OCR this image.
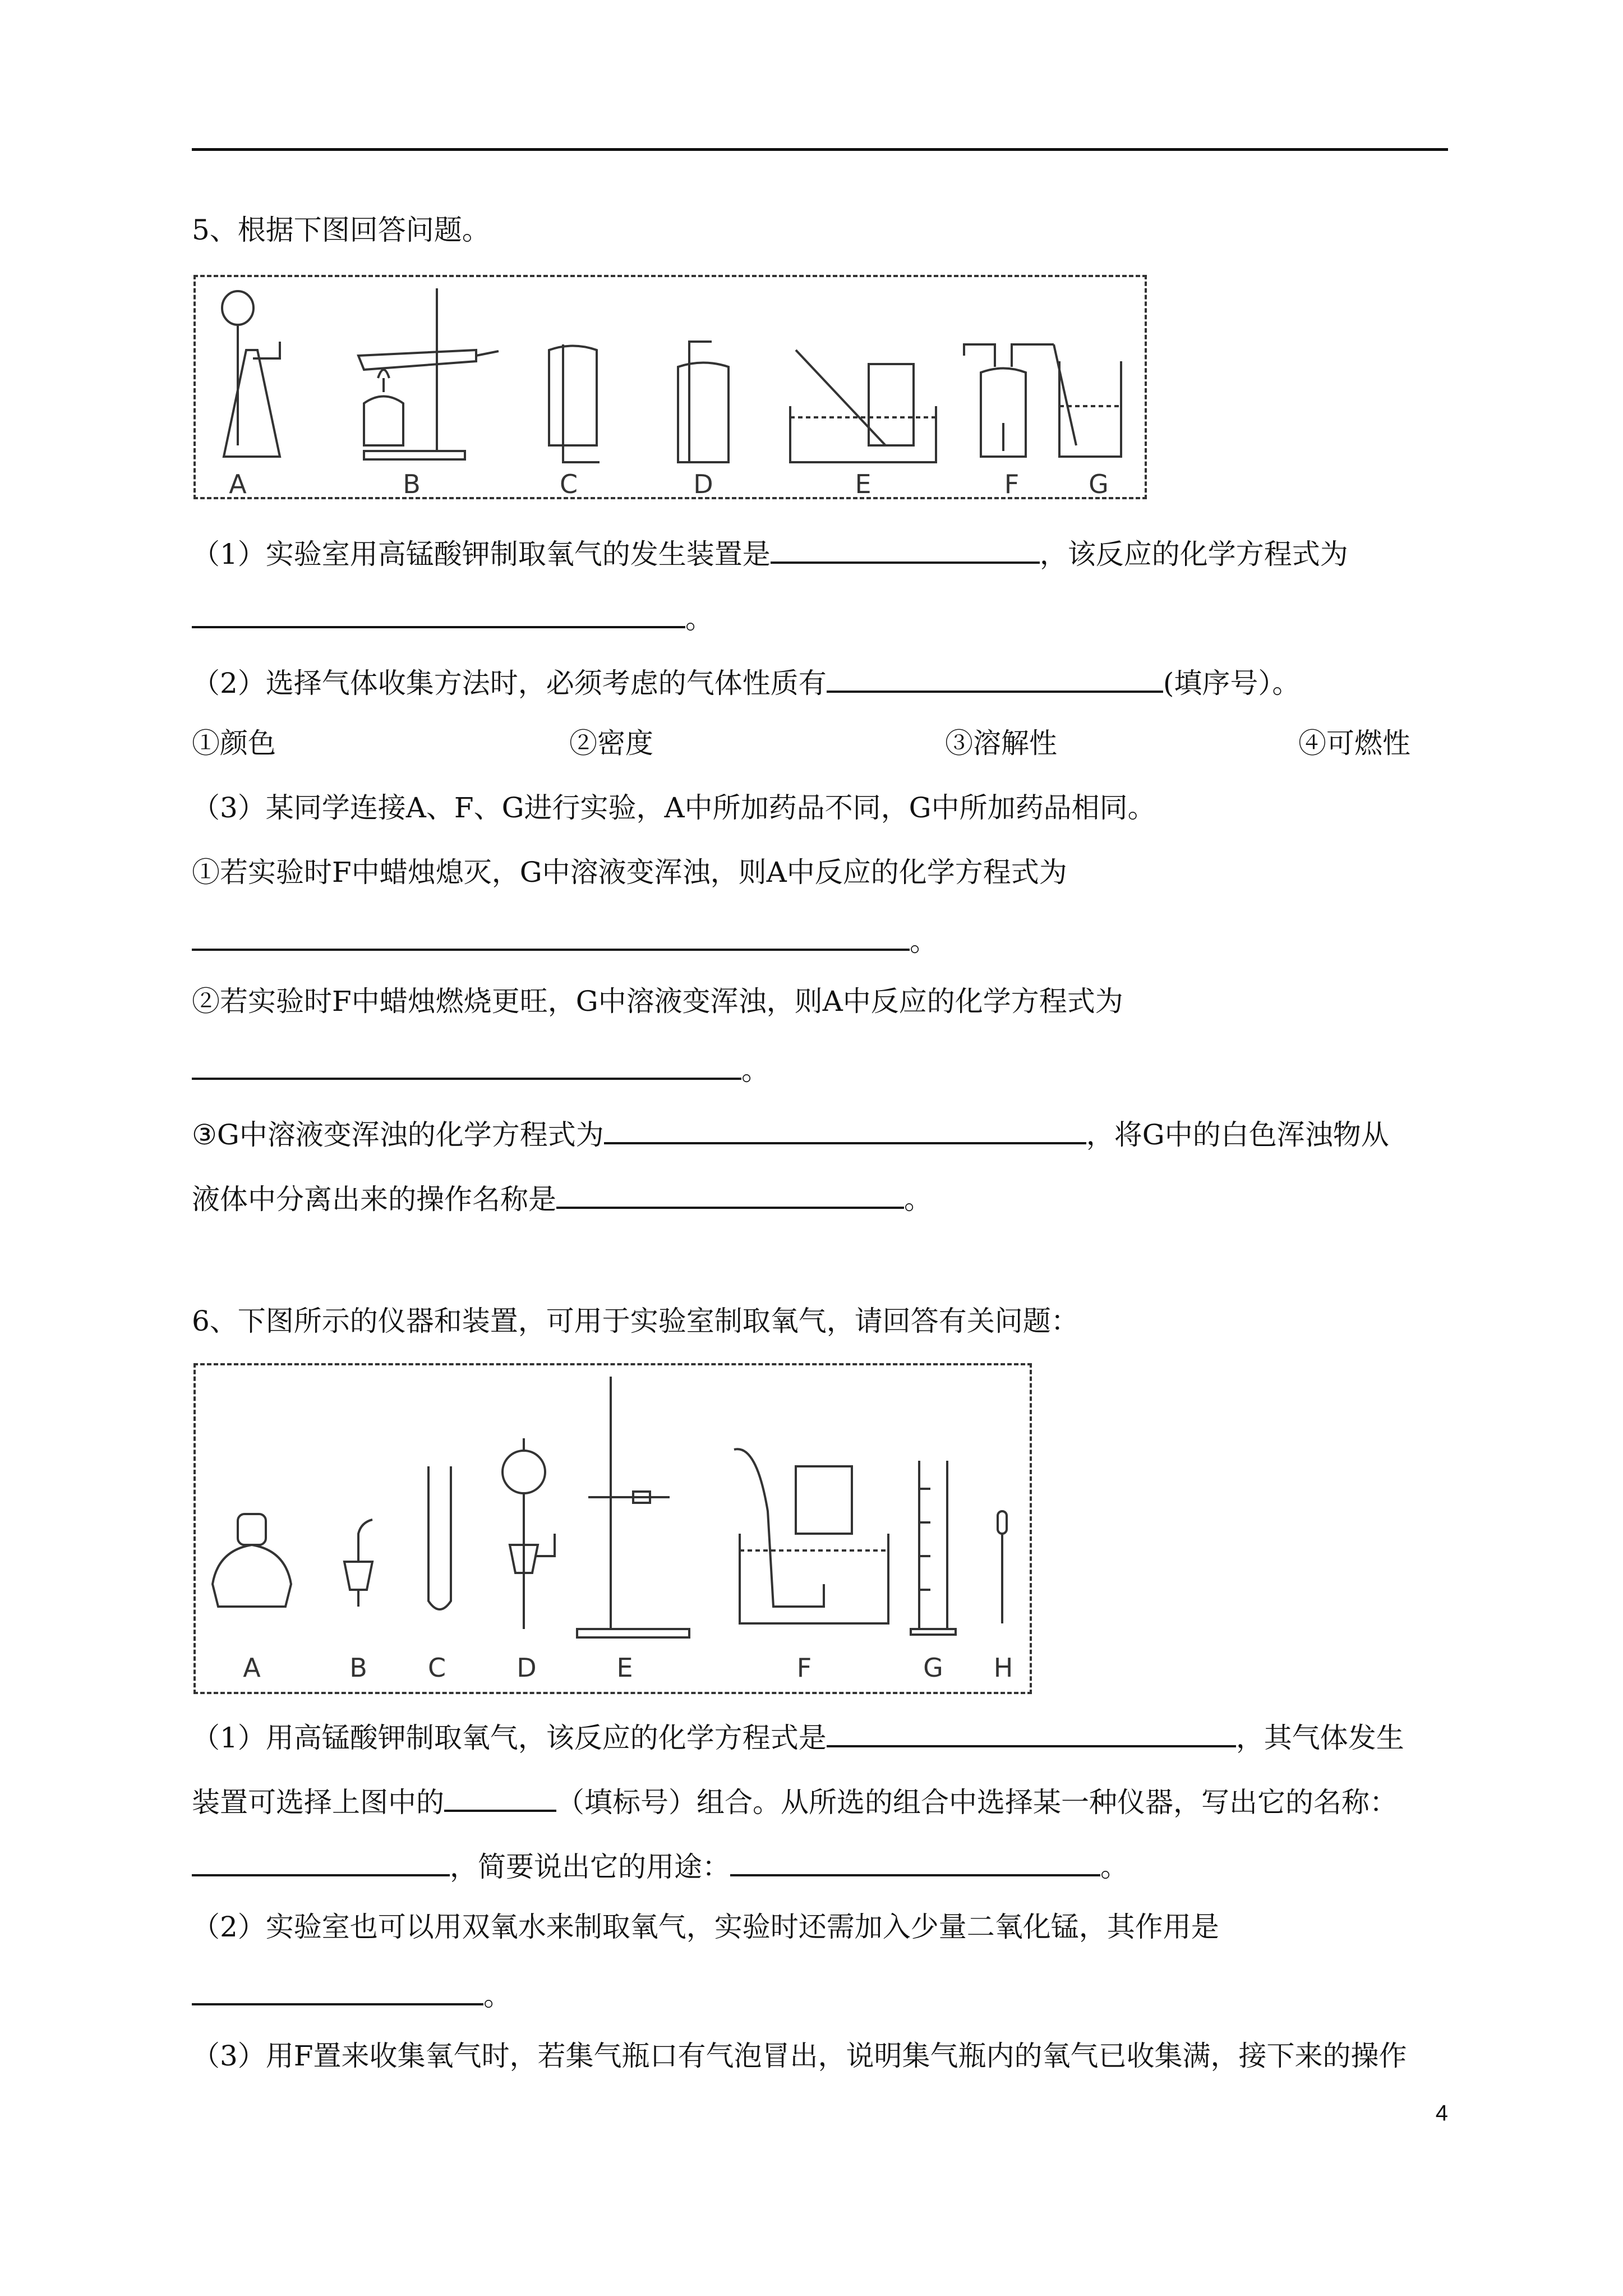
5、根据下图回答问题。
A	B	C	D	E	F	G
（1）实验室用高锰酸钾制取氧气的发生装置是	，该反应的化学方程式为
。
（2）选择气体收集方法时，必须考虑的气体性质有	(填序号）。
①颜色	②密度	③溶解性	④可燃性
（3）某同学连接A、F、G进行实验，A中所加药品不同，G中所加药品相同。
①若实验时F中蜡烛熄灭，G中溶液变浑浊，则A中反应的化学方程式为
。
②若实验时F中蜡烛燃烧更旺，G中溶液变浑浊，则A中反应的化学方程式为
。
③G中溶液变浑浊的化学方程式为	，将G中的白色浑浊物从
液体中分离出来的操作名称是	。
6、下图所示的仪器和装置，可用于实验室制取氧气，请回答有关问题：
A	B C	D	E	F	G H
（1）用高锰酸钾制取氧气，该反应的化学方程式是	，其气体发生
装置可选择上图中的	（填标号）组合。从所选的组合中选择某一种仪器，写出它的名称：
，简要说出它的用途：	。
（2）实验室也可以用双氧水来制取氧气，实验时还需加入少量二氧化锰，其作用是
。
（3）用F置来收集氧气时，若集气瓶口有气泡冒出，说明集气瓶内的氧气已收集满，接下来的操作
4
